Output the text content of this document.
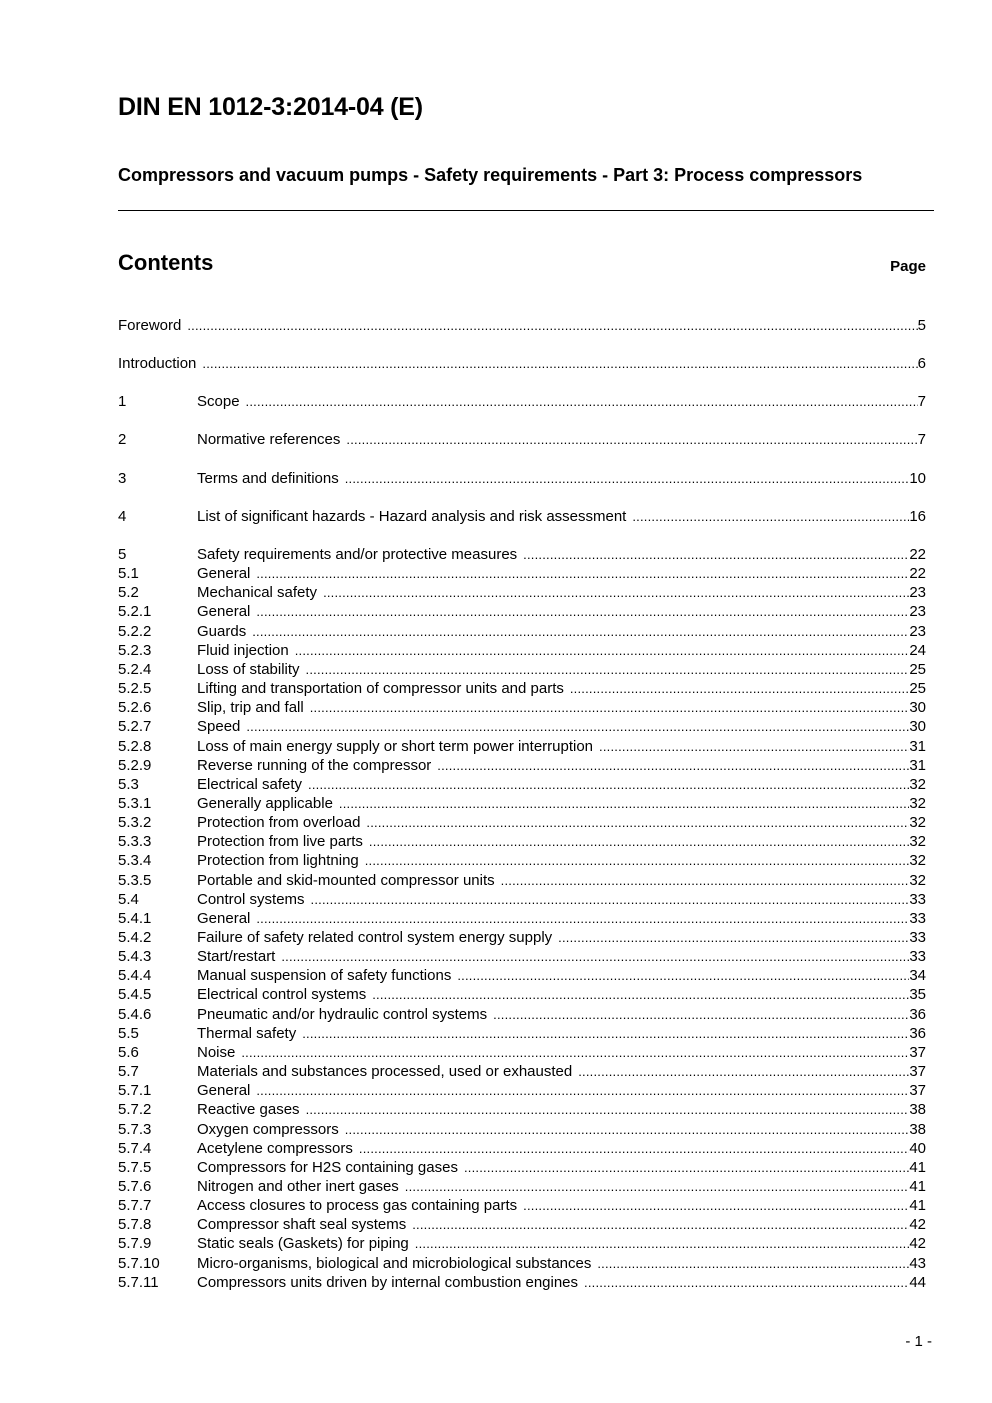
DIN EN 1012-3:2014-04 (E)
Compressors and vacuum pumps - Safety requirements - Part 3: Process compressors
Contents	Page
Foreword .....	5
Introduction .....	6
1	Scope .....	7
2	Normative references .....	7
3	Terms and definitions .....	10
4	List of significant hazards - Hazard analysis and risk assessment .....	16
5	Safety requirements and/or protective measures .....	22
5.1	General .....	22
5.2	Mechanical safety .....	23
5.2.1	General .....	23
5.2.2	Guards .....	23
5.2.3	Fluid injection .....	24
5.2.4	Loss of stability .....	25
5.2.5	Lifting and transportation of compressor units and parts .....	25
5.2.6	Slip, trip and fall .....	30
5.2.7	Speed .....	30
5.2.8	Loss of main energy supply or short term power interruption .....	31
5.2.9	Reverse running of the compressor .....	31
5.3	Electrical safety .....	32
5.3.1	Generally applicable .....	32
5.3.2	Protection from overload .....	32
5.3.3	Protection from live parts .....	32
5.3.4	Protection from lightning .....	32
5.3.5	Portable and skid-mounted compressor units .....	32
5.4	Control systems .....	33
5.4.1	General .....	33
5.4.2	Failure of safety related control system energy supply .....	33
5.4.3	Start/restart .....	33
5.4.4	Manual suspension of safety functions .....	34
5.4.5	Electrical control systems .....	35
5.4.6	Pneumatic and/or hydraulic control systems .....	36
5.5	Thermal safety .....	36
5.6	Noise .....	37
5.7	Materials and substances processed, used or exhausted .....	37
5.7.1	General .....	37
5.7.2	Reactive gases .....	38
5.7.3	Oxygen compressors .....	38
5.7.4	Acetylene compressors .....	40
5.7.5	Compressors for H2S containing gases .....	41
5.7.6	Nitrogen and other inert gases .....	41
5.7.7	Access closures to process gas containing parts .....	41
5.7.8	Compressor shaft seal systems .....	42
5.7.9	Static seals (Gaskets) for piping .....	42
5.7.10	Micro-organisms, biological and microbiological substances .....	43
5.7.11	Compressors units driven by internal combustion engines .....	44
- 1 -
